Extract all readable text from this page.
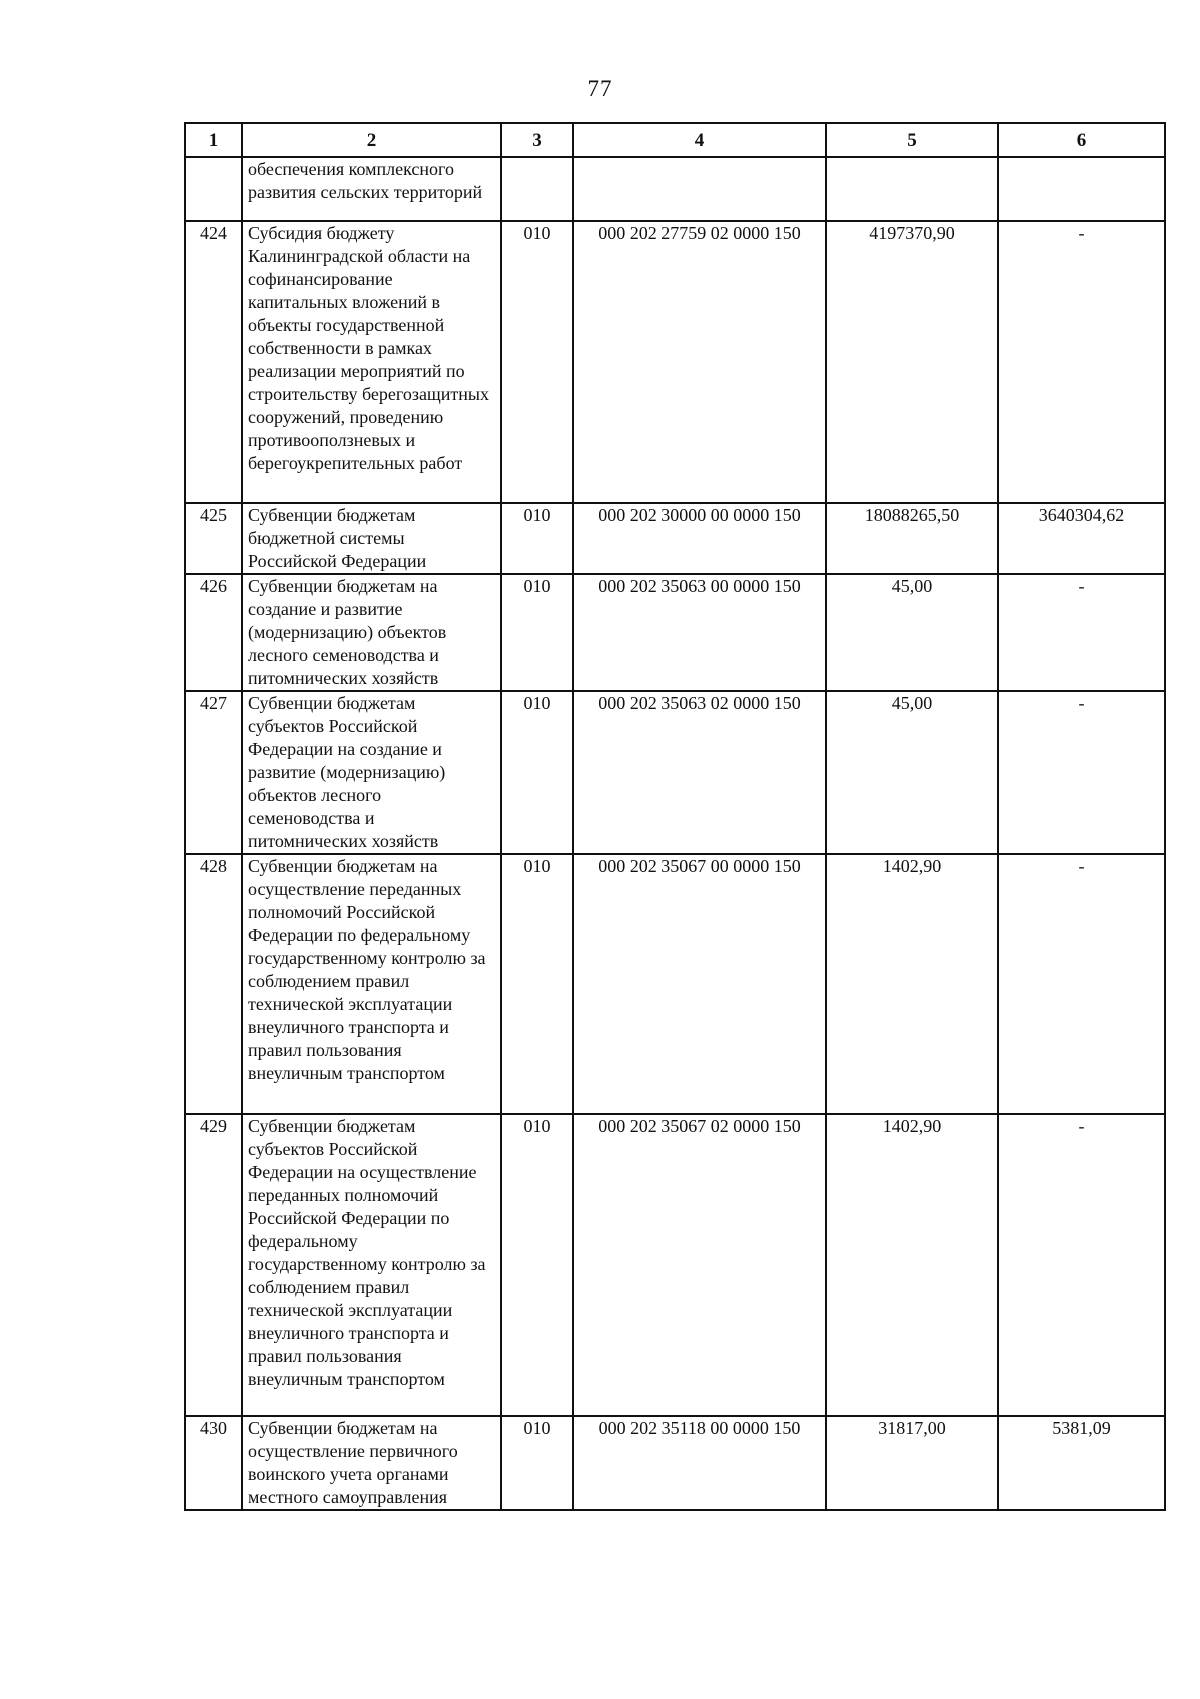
77
1	2	3	4	5	6
	обеспечения комплексного развития сельских территорий				
424	Субсидия бюджету Калининградской области на софинансирование капитальных вложений в объекты государственной собственности в рамках реализации мероприятий по строительству берегозащитных сооружений, проведению противооползневых и берегоукрепительных работ	010	000 202 27759 02 0000 150	4197370,90	-
425	Субвенции бюджетам бюджетной системы Российской Федерации	010	000 202 30000 00 0000 150	18088265,50	3640304,62
426	Субвенции бюджетам на создание и развитие (модернизацию) объектов лесного семеноводства и питомнических хозяйств	010	000 202 35063 00 0000 150	45,00	-
427	Субвенции бюджетам субъектов Российской Федерации на создание и развитие (модернизацию) объектов лесного семеноводства и питомнических хозяйств	010	000 202 35063 02 0000 150	45,00	-
428	Субвенции бюджетам на осуществление переданных полномочий Российской Федерации по федеральному государственному контролю за соблюдением правил технической эксплуатации внеуличного транспорта и правил пользования внеуличным транспортом	010	000 202 35067 00 0000 150	1402,90	-
429	Субвенции бюджетам субъектов Российской Федерации на осуществление переданных полномочий Российской Федерации по федеральному государственному контролю за соблюдением правил технической эксплуатации внеуличного транспорта и правил пользования внеуличным транспортом	010	000 202 35067 02 0000 150	1402,90	-
430	Субвенции бюджетам на осуществление первичного воинского учета органами местного самоуправления	010	000 202 35118 00 0000 150	31817,00	5381,09
